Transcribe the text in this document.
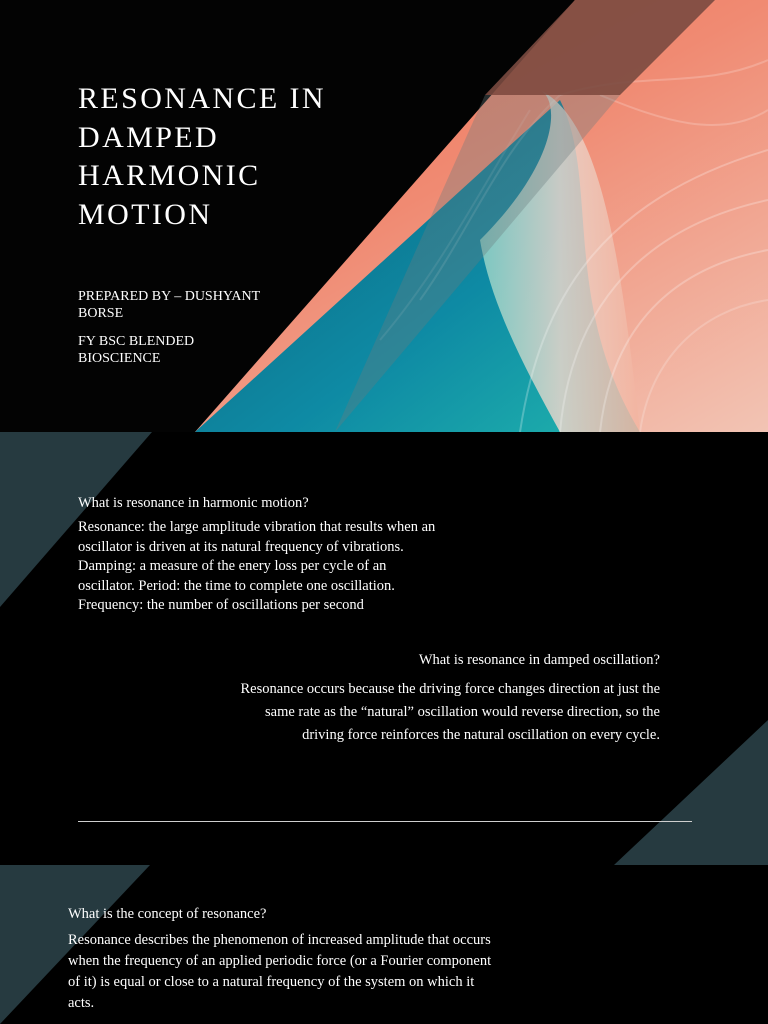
RESONANCE IN DAMPED HARMONIC MOTION

PREPARED BY – DUSHYANT BORSE

FY BSC BLENDED BIOSCIENCE

What is resonance in harmonic motion?

Resonance: the large amplitude vibration that results when an oscillator is driven at its natural frequency of vibrations. Damping: a measure of the enery loss per cycle of an oscillator. Period: the time to complete one oscillation. Frequency: the number of oscillations per second

What is resonance in damped oscillation?

Resonance occurs because the driving force changes direction at just the same rate as the “natural” oscillation would reverse direction, so the driving force reinforces the natural oscillation on every cycle.

What is the concept of resonance?

Resonance describes the phenomenon of increased amplitude that occurs when the frequency of an applied periodic force (or a Fourier component of it) is equal or close to a natural frequency of the system on which it acts.
